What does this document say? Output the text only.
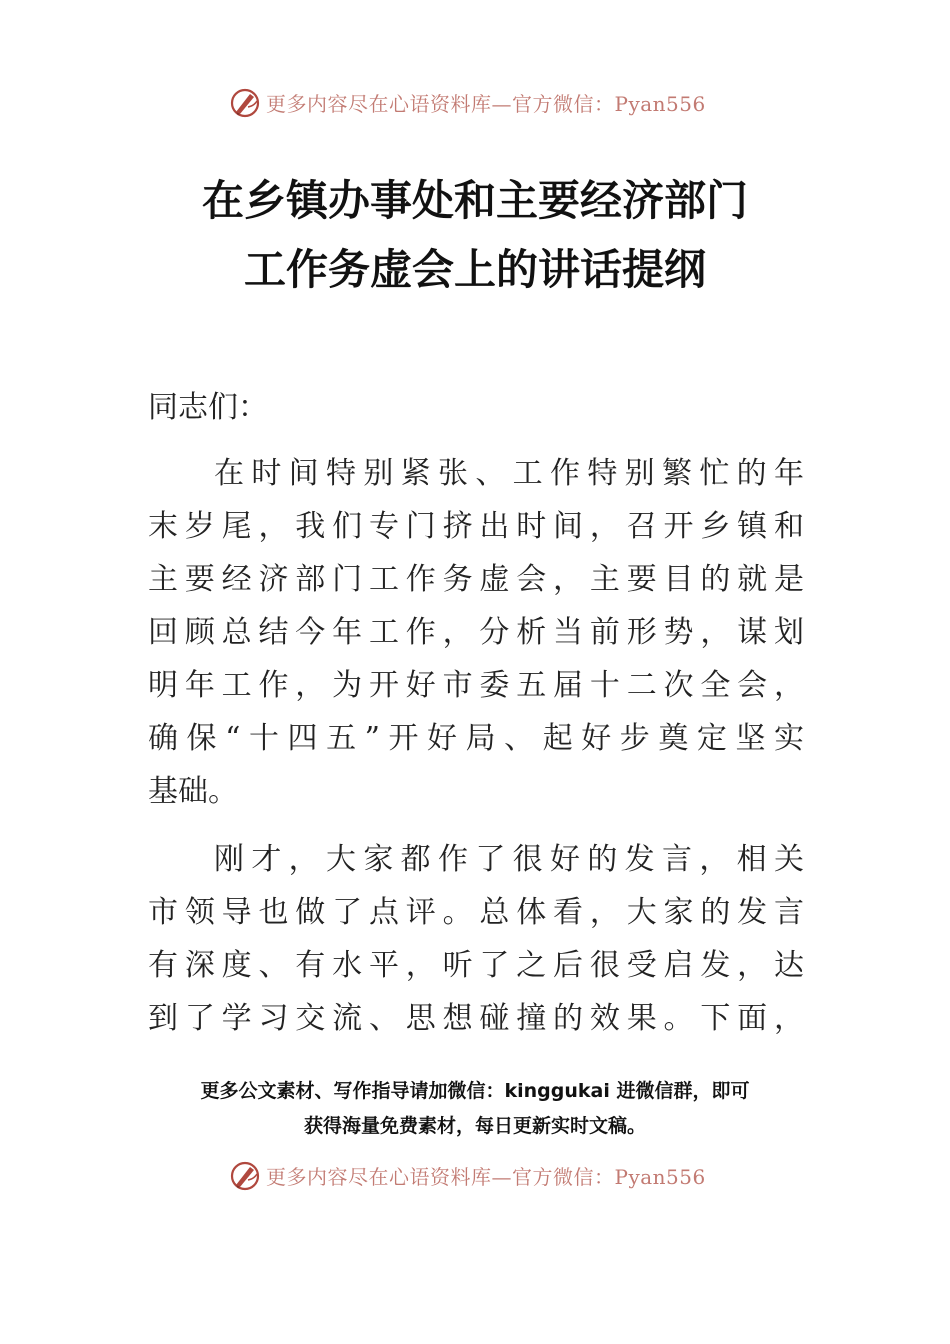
更多内容尽在心语资料库—官方微信：Pyan556
在乡镇办事处和主要经济部门
工作务虚会上的讲话提纲
同志们：
在时间特别紧张、工作特别繁忙的年
末岁尾，我们专门挤出时间，召开乡镇和
主要经济部门工作务虚会，主要目的就是
回顾总结今年工作，分析当前形势，谋划
明年工作，为开好市委五届十二次全会，
确保“十四五”开好局、起好步奠定坚实
基础。
刚才，大家都作了很好的发言，相关
市领导也做了点评。总体看，大家的发言
有深度、有水平，听了之后很受启发，达
到了学习交流、思想碰撞的效果。下面，
更多公文素材、写作指导请加微信：kinggukai 进微信群，即可
获得海量免费素材，每日更新实时文稿。
更多内容尽在心语资料库—官方微信：Pyan556
